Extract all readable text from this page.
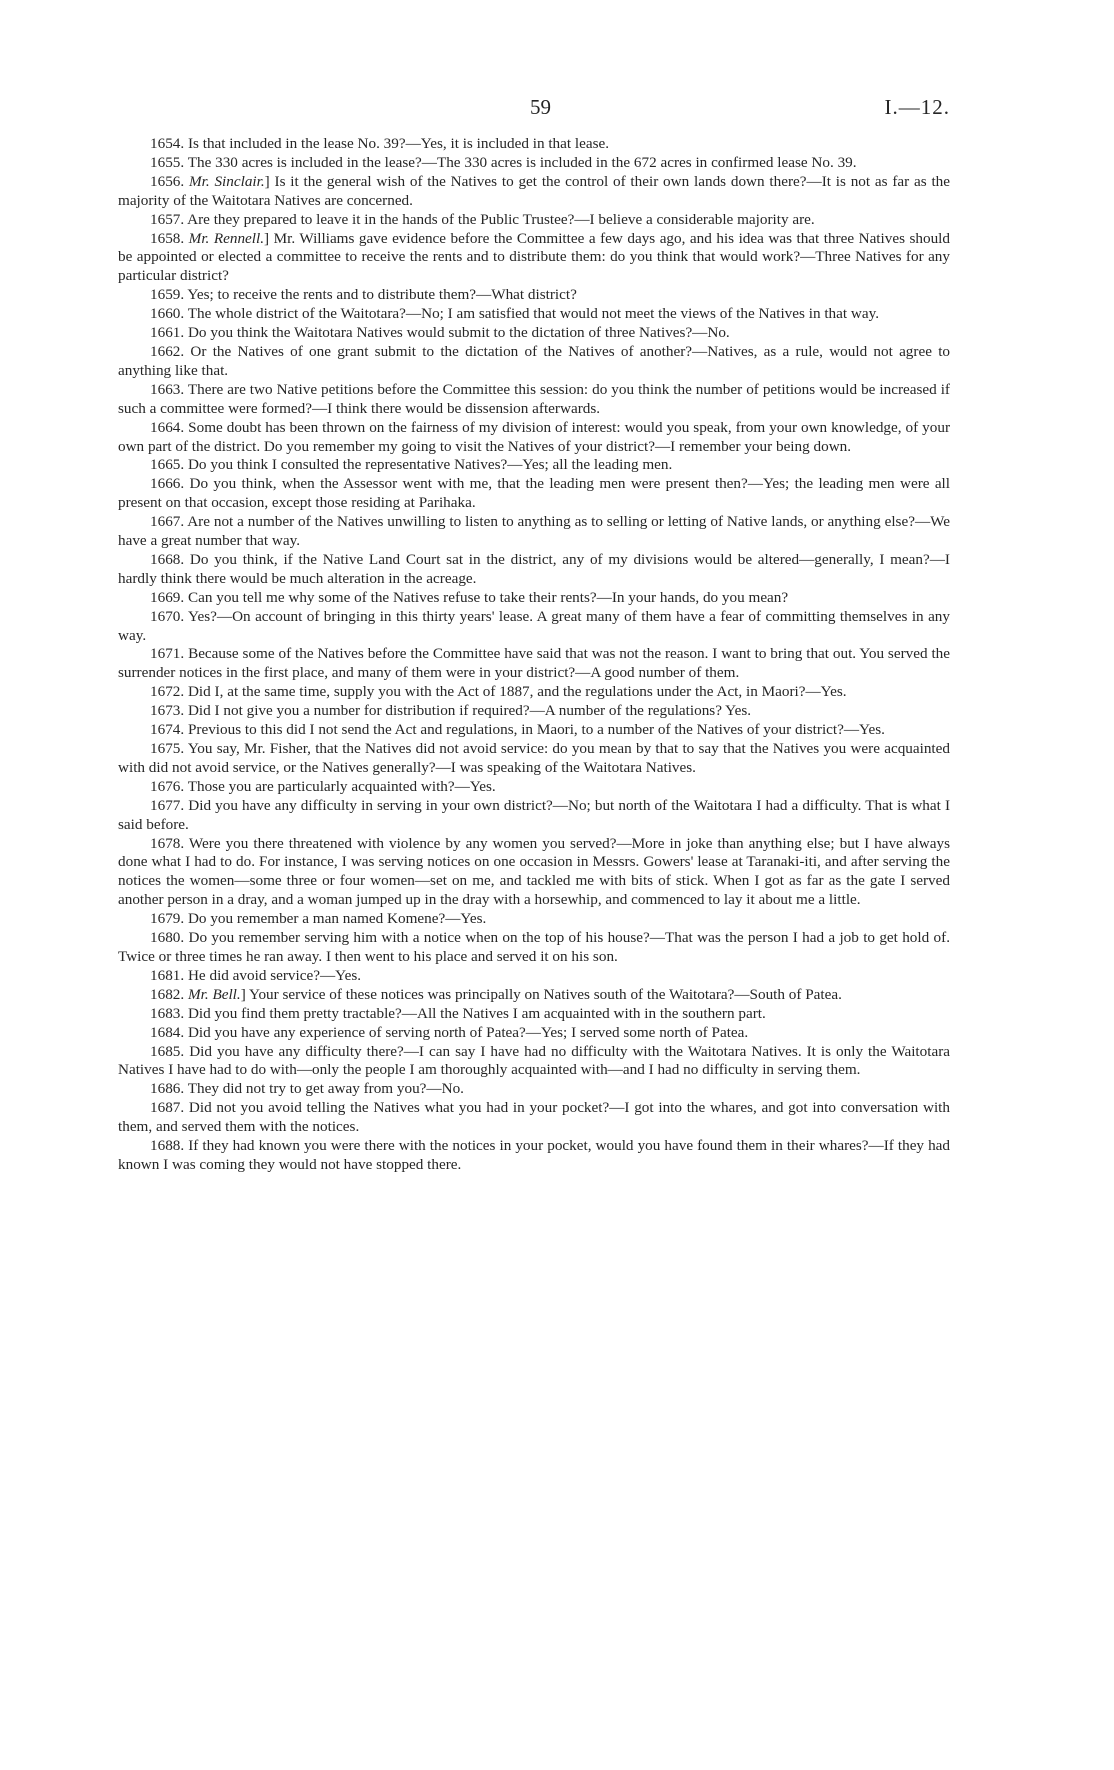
59	I.—12.

1654. Is that included in the lease No. 39?—Yes, it is included in that lease.

1655. The 330 acres is included in the lease?—The 330 acres is included in the 672 acres in confirmed lease No. 39.

1656. Mr. Sinclair.] Is it the general wish of the Natives to get the control of their own lands down there?—It is not as far as the majority of the Waitotara Natives are concerned.

1657. Are they prepared to leave it in the hands of the Public Trustee?—I believe a considerable majority are.

1658. Mr. Rennell.] Mr. Williams gave evidence before the Committee a few days ago, and his idea was that three Natives should be appointed or elected a committee to receive the rents and to distribute them: do you think that would work?—Three Natives for any particular district?

1659. Yes; to receive the rents and to distribute them?—What district?

1660. The whole district of the Waitotara?—No; I am satisfied that would not meet the views of the Natives in that way.

1661. Do you think the Waitotara Natives would submit to the dictation of three Natives?—No.

1662. Or the Natives of one grant submit to the dictation of the Natives of another?—Natives, as a rule, would not agree to anything like that.

1663. There are two Native petitions before the Committee this session: do you think the number of petitions would be increased if such a committee were formed?—I think there would be dissension afterwards.

1664. Some doubt has been thrown on the fairness of my division of interest: would you speak, from your own knowledge, of your own part of the district. Do you remember my going to visit the Natives of your district?—I remember your being down.

1665. Do you think I consulted the representative Natives?—Yes; all the leading men.

1666. Do you think, when the Assessor went with me, that the leading men were present then?—Yes; the leading men were all present on that occasion, except those residing at Parihaka.

1667. Are not a number of the Natives unwilling to listen to anything as to selling or letting of Native lands, or anything else?—We have a great number that way.

1668. Do you think, if the Native Land Court sat in the district, any of my divisions would be altered—generally, I mean?—I hardly think there would be much alteration in the acreage.

1669. Can you tell me why some of the Natives refuse to take their rents?—In your hands, do you mean?

1670. Yes?—On account of bringing in this thirty years' lease. A great many of them have a fear of committing themselves in any way.

1671. Because some of the Natives before the Committee have said that was not the reason. I want to bring that out. You served the surrender notices in the first place, and many of them were in your district?—A good number of them.

1672. Did I, at the same time, supply you with the Act of 1887, and the regulations under the Act, in Maori?—Yes.

1673. Did I not give you a number for distribution if required?—A number of the regulations? Yes.

1674. Previous to this did I not send the Act and regulations, in Maori, to a number of the Natives of your district?—Yes.

1675. You say, Mr. Fisher, that the Natives did not avoid service: do you mean by that to say that the Natives you were acquainted with did not avoid service, or the Natives generally?—I was speaking of the Waitotara Natives.

1676. Those you are particularly acquainted with?—Yes.

1677. Did you have any difficulty in serving in your own district?—No; but north of the Waitotara I had a difficulty. That is what I said before.

1678. Were you there threatened with violence by any women you served?—More in joke than anything else; but I have always done what I had to do. For instance, I was serving notices on one occasion in Messrs. Gowers' lease at Taranaki-iti, and after serving the notices the women—some three or four women—set on me, and tackled me with bits of stick. When I got as far as the gate I served another person in a dray, and a woman jumped up in the dray with a horsewhip, and commenced to lay it about me a little.

1679. Do you remember a man named Komene?—Yes.

1680. Do you remember serving him with a notice when on the top of his house?—That was the person I had a job to get hold of. Twice or three times he ran away. I then went to his place and served it on his son.

1681. He did avoid service?—Yes.

1682. Mr. Bell.] Your service of these notices was principally on Natives south of the Waitotara?—South of Patea.

1683. Did you find them pretty tractable?—All the Natives I am acquainted with in the southern part.

1684. Did you have any experience of serving north of Patea?—Yes; I served some north of Patea.

1685. Did you have any difficulty there?—I can say I have had no difficulty with the Waitotara Natives. It is only the Waitotara Natives I have had to do with—only the people I am thoroughly acquainted with—and I had no difficulty in serving them.

1686. They did not try to get away from you?—No.

1687. Did not you avoid telling the Natives what you had in your pocket?—I got into the whares, and got into conversation with them, and served them with the notices.

1688. If they had known you were there with the notices in your pocket, would you have found them in their whares?—If they had known I was coming they would not have stopped there.
